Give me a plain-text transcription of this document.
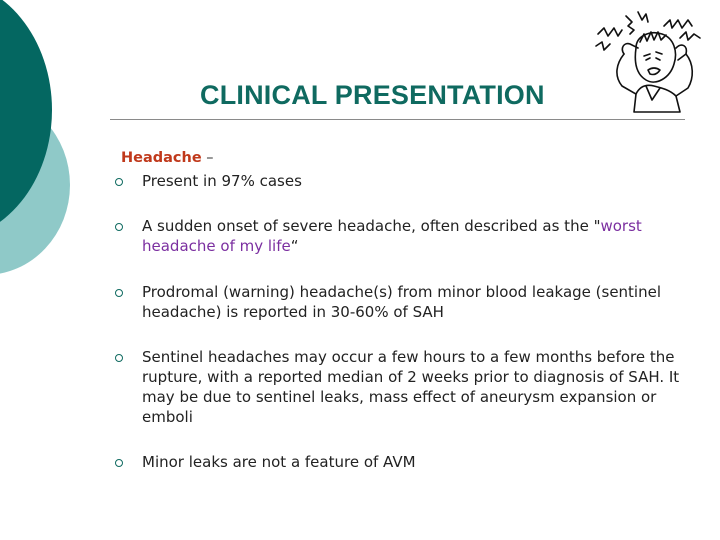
CLINICAL PRESENTATION
Headache –
Present in 97% cases
A sudden onset of severe headache, often described as the "worst headache of my life“
Prodromal (warning) headache(s) from minor blood leakage (sentinel headache) is reported in 30-60% of SAH
Sentinel headaches may occur a few hours to a few months before the rupture, with a reported median of 2 weeks prior to diagnosis of SAH. It may be due to sentinel leaks, mass effect of aneurysm expansion or emboli
Minor leaks are not a feature of AVM
